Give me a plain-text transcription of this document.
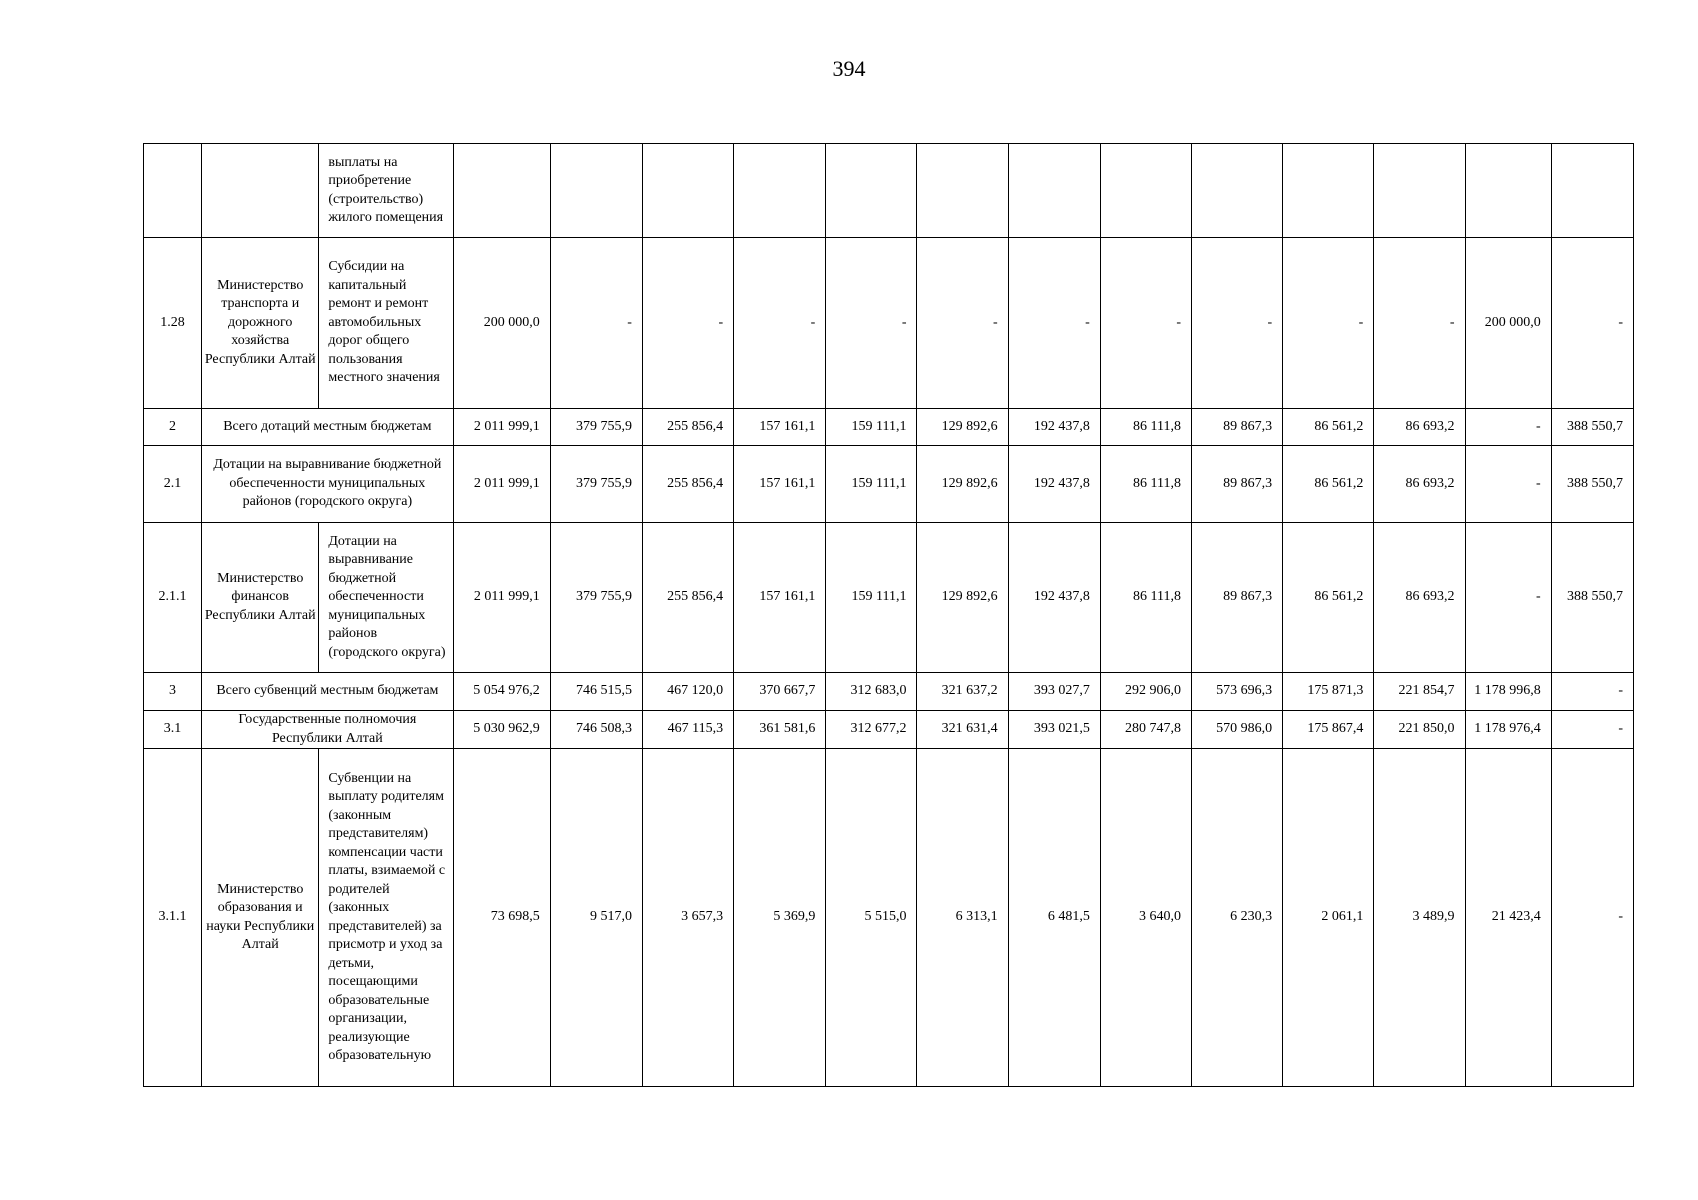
394
		выплаты на приобретение (строительство) жилого помещения													
1.28	Министерство транспорта и дорожного хозяйства Республики Алтай	Субсидии на капитальный ремонт и ремонт автомобильных дорог общего пользования местного значения	200 000,0	-	-	-	-	-	-	-	-	-	-	200 000,0	-
2	Всего дотаций местным бюджетам		2 011 999,1	379 755,9	255 856,4	157 161,1	159 111,1	129 892,6	192 437,8	86 111,8	89 867,3	86 561,2	86 693,2	-	388 550,7
2.1	Дотации на выравнивание бюджетной обеспеченности муниципальных районов (городского округа)		2 011 999,1	379 755,9	255 856,4	157 161,1	159 111,1	129 892,6	192 437,8	86 111,8	89 867,3	86 561,2	86 693,2	-	388 550,7
2.1.1	Министерство финансов Республики Алтай	Дотации на выравнивание бюджетной обеспеченности муниципальных районов (городского округа)	2 011 999,1	379 755,9	255 856,4	157 161,1	159 111,1	129 892,6	192 437,8	86 111,8	89 867,3	86 561,2	86 693,2	-	388 550,7
3	Всего субвенций местным бюджетам		5 054 976,2	746 515,5	467 120,0	370 667,7	312 683,0	321 637,2	393 027,7	292 906,0	573 696,3	175 871,3	221 854,7	1 178 996,8	-
3.1	Государственные полномочия Республики Алтай		5 030 962,9	746 508,3	467 115,3	361 581,6	312 677,2	321 631,4	393 021,5	280 747,8	570 986,0	175 867,4	221 850,0	1 178 976,4	-
3.1.1	Министерство образования и науки Республики Алтай	Субвенции на выплату родителям (законным представителям) компенсации части платы, взимаемой с родителей (законных представителей) за присмотр и уход за детьми, посещающими образовательные организации, реализующие образовательную	73 698,5	9 517,0	3 657,3	5 369,9	5 515,0	6 313,1	6 481,5	3 640,0	6 230,3	2 061,1	3 489,9	21 423,4	-
